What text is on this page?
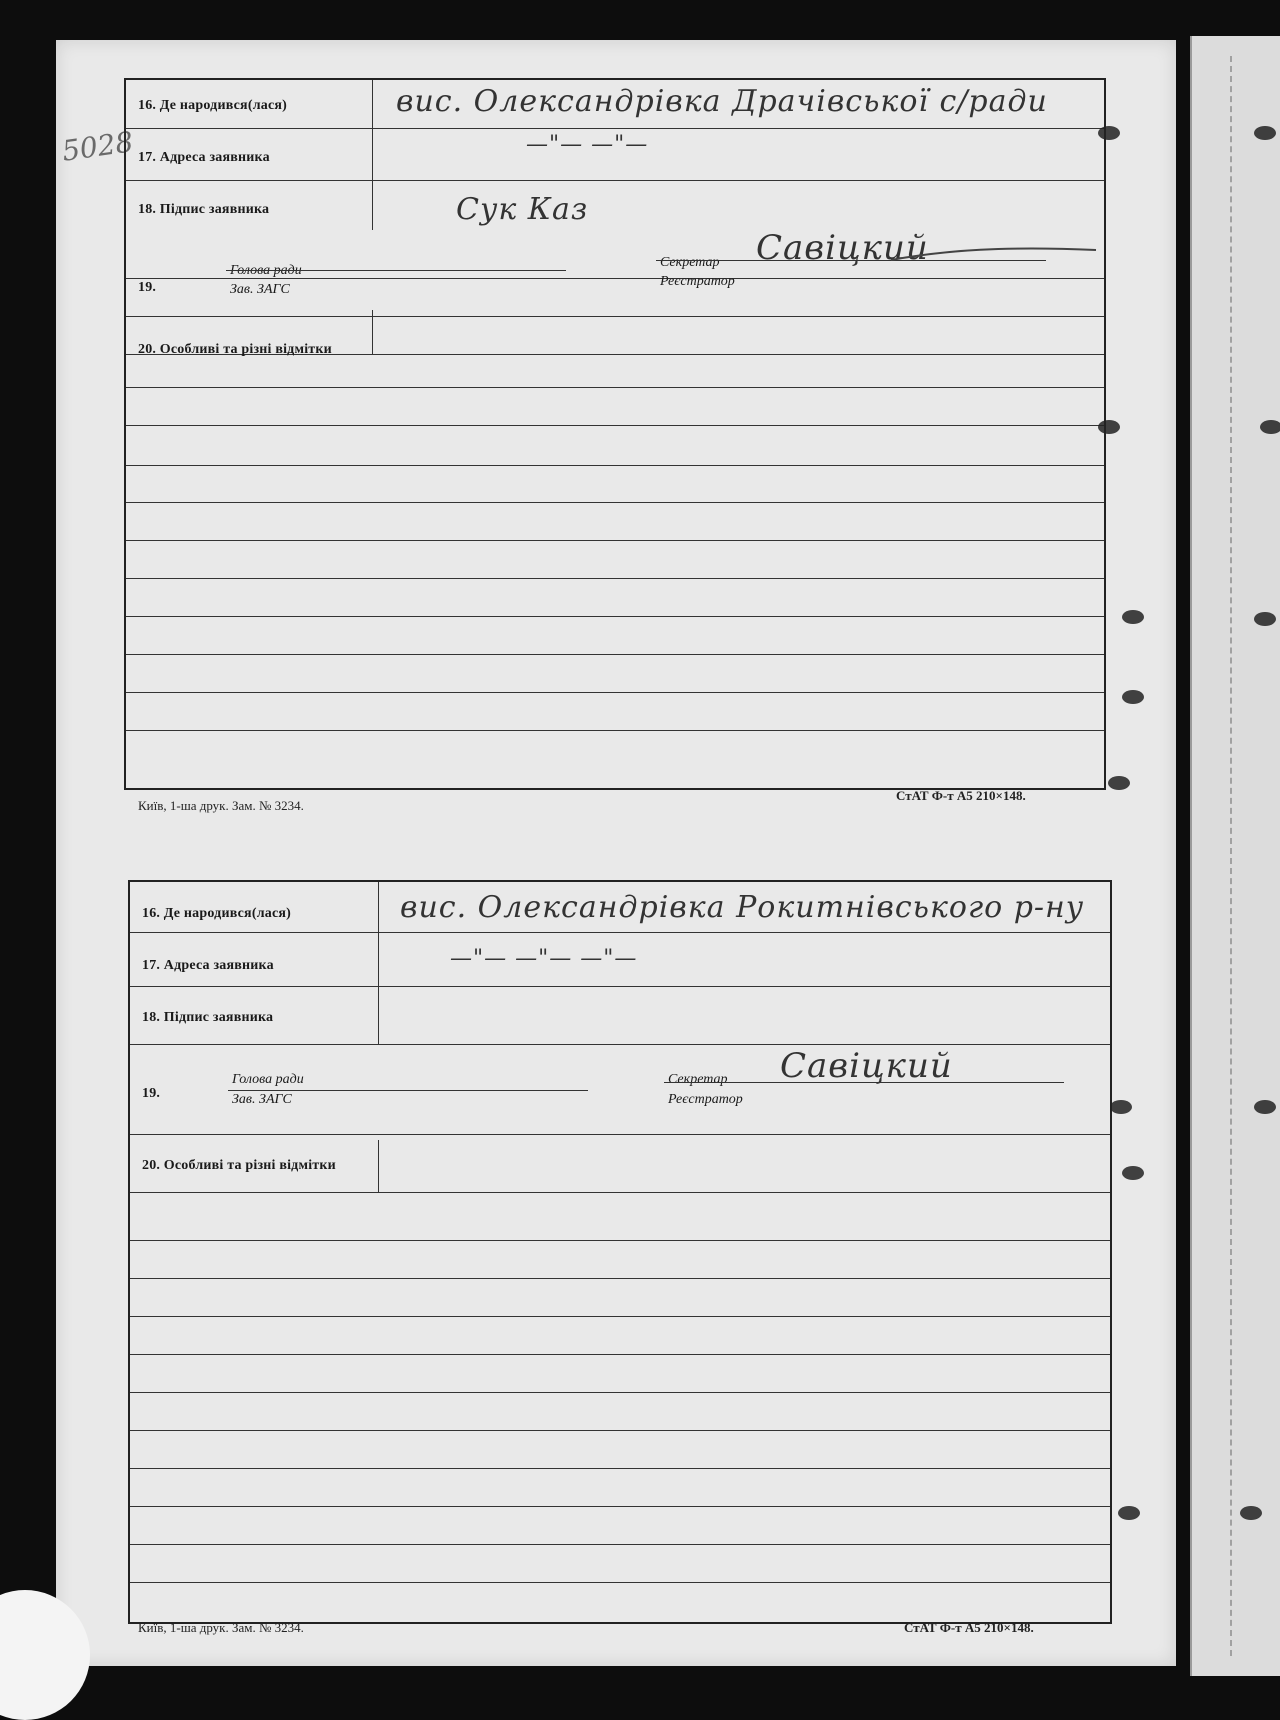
5028
16. Де народився(лася)
17. Адреса заявника
18. Підпис заявника
19.
20. Особливі та різні відмітки
Голова ради
Зав. ЗАГС
Секретар
Реєстратор
вис. Олександрівка Драчівської с/ради
—"— —"—
Сук Каз
Савіцкий
Київ, 1-ша друк. Зам. № 3234.
СтАТ Ф-т А5 210×148.
16. Де народився(лася)
17. Адреса заявника
18. Підпис заявника
19.
20. Особливі та різні відмітки
Голова ради
Зав. ЗАГС
Секретар
Реєстратор
вис. Олександрівка Рокитнівського р-ну
—"— —"— —"—
Савіцкий
Київ, 1-ша друк. Зам. № 3234.	СтАТ Ф-т А5 210×148.
